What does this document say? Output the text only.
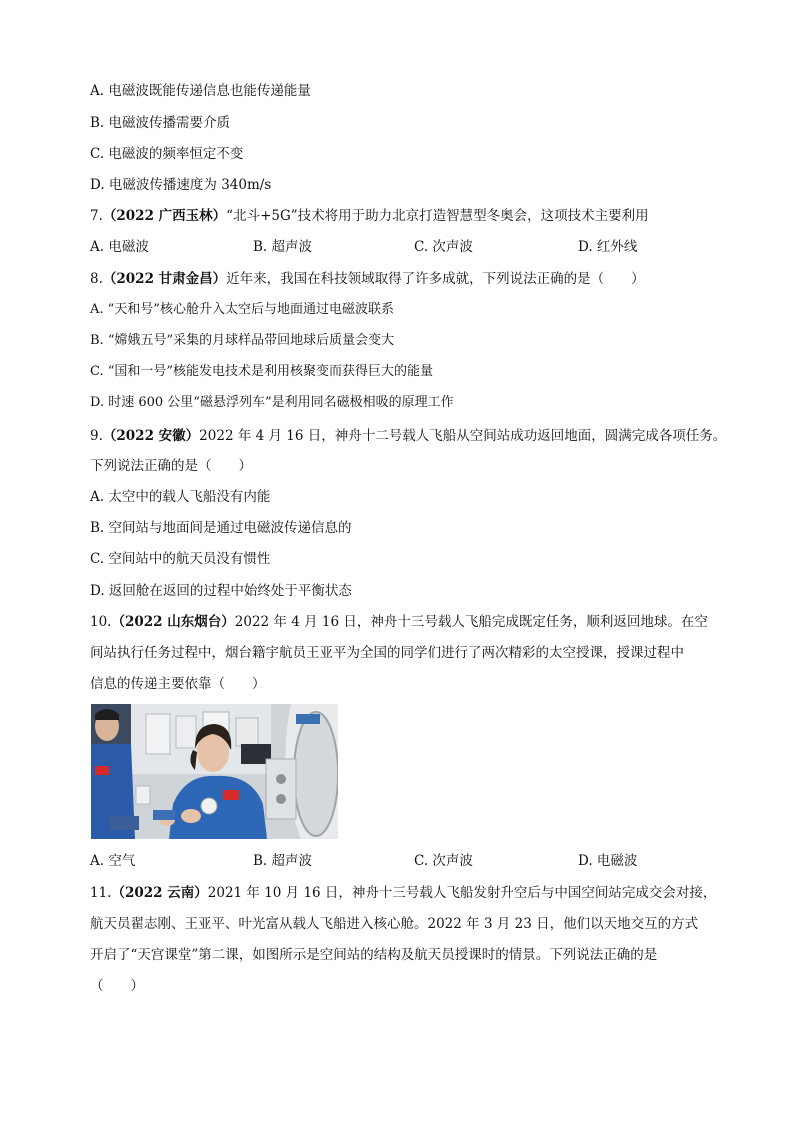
A. 电磁波既能传递信息也能传递能量
B. 电磁波传播需要介质
C. 电磁波的频率恒定不变
D. 电磁波传播速度为 340m/s
7.（2022 广西玉林）“北斗+5G”技术将用于助力北京打造智慧型冬奥会，这项技术主要利用
A. 电磁波	B. 超声波	C. 次声波	D. 红外线
8.（2022 甘肃金昌）近年来，我国在科技领域取得了许多成就，下列说法正确的是（　　）
A. “天和号”核心舱升入太空后与地面通过电磁波联系
B. “嫦娥五号”采集的月球样品带回地球后质量会变大
C. “国和一号”核能发电技术是利用核聚变而获得巨大的能量
D. 时速 600 公里“磁悬浮列车”是利用同名磁极相吸的原理工作
9.（2022 安徽）2022 年 4 月 16 日，神舟十二号载人飞船从空间站成功返回地面，圆满完成各项任务。
下列说法正确的是（　　）
A. 太空中的载人飞船没有内能
B. 空间站与地面间是通过电磁波传递信息的
C. 空间站中的航天员没有惯性
D. 返回舱在返回的过程中始终处于平衡状态
10.（2022 山东烟台）2022 年 4 月 16 日，神舟十三号载人飞船完成既定任务，顺利返回地球。在空
间站执行任务过程中，烟台籍宇航员王亚平为全国的同学们进行了两次精彩的太空授课，授课过程中
信息的传递主要依靠（　　）
A. 空气	B. 超声波	C. 次声波	D. 电磁波
11.（2022 云南）2021 年 10 月 16 日，神舟十三号载人飞船发射升空后与中国空间站完成交会对接，
航天员翟志刚、王亚平、叶光富从载人飞船进入核心舱。2022 年 3 月 23 日，他们以天地交互的方式
开启了“天宫课堂”第二课，如图所示是空间站的结构及航天员授课时的情景。下列说法正确的是
（　　）
